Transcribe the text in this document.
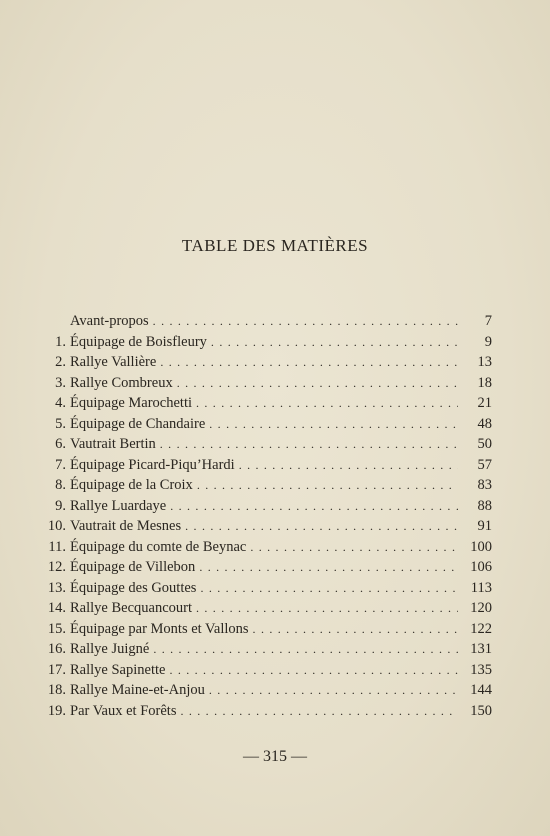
TABLE DES MATIÈRES
Avant-propos . . .	7
1. Équipage de Boisfleury . . .	9
2. Rallye Vallière . . .	13
3. Rallye Combreux . . .	18
4. Équipage Marochetti . . .	21
5. Équipage de Chandaire . . .	48
6. Vautrait Bertin . . .	50
7. Équipage Picard-Piqu’Hardi . . .	57
8. Équipage de la Croix . . .	83
9. Rallye Luardaye . . .	88
10. Vautrait de Mesnes . . .	91
11. Équipage du comte de Beynac . . .	100
12. Équipage de Villebon . . .	106
13. Équipage des Gouttes . . .	113
14. Rallye Becquancourt . . .	120
15. Équipage par Monts et Vallons . . .	122
16. Rallye Juigné . . .	131
17. Rallye Sapinette . . .	135
18. Rallye Maine-et-Anjou . . .	144
19. Par Vaux et Forêts . . .	150
— 315 —
